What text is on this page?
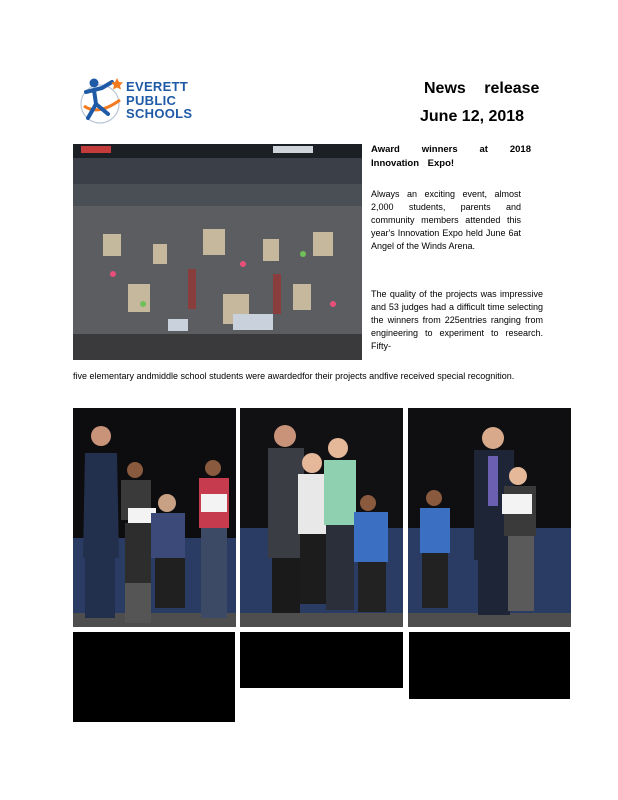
EVERETT
PUBLIC
SCHOOLS
News release
June 12, 2018
Award winners at 2018 Innovation Expo!
Always an exciting event, almost 2,000 students, parents and community members attended this year's Innovation Expo held June 6at Angel of the Winds Arena.
The quality of the projects was impressive and 53 judges had a difficult time selecting the winners from 225entries ranging from engineering to experiment to research. Fifty-
five elementary andmiddle school students were awardedfor their projects andfive received special recognition.
